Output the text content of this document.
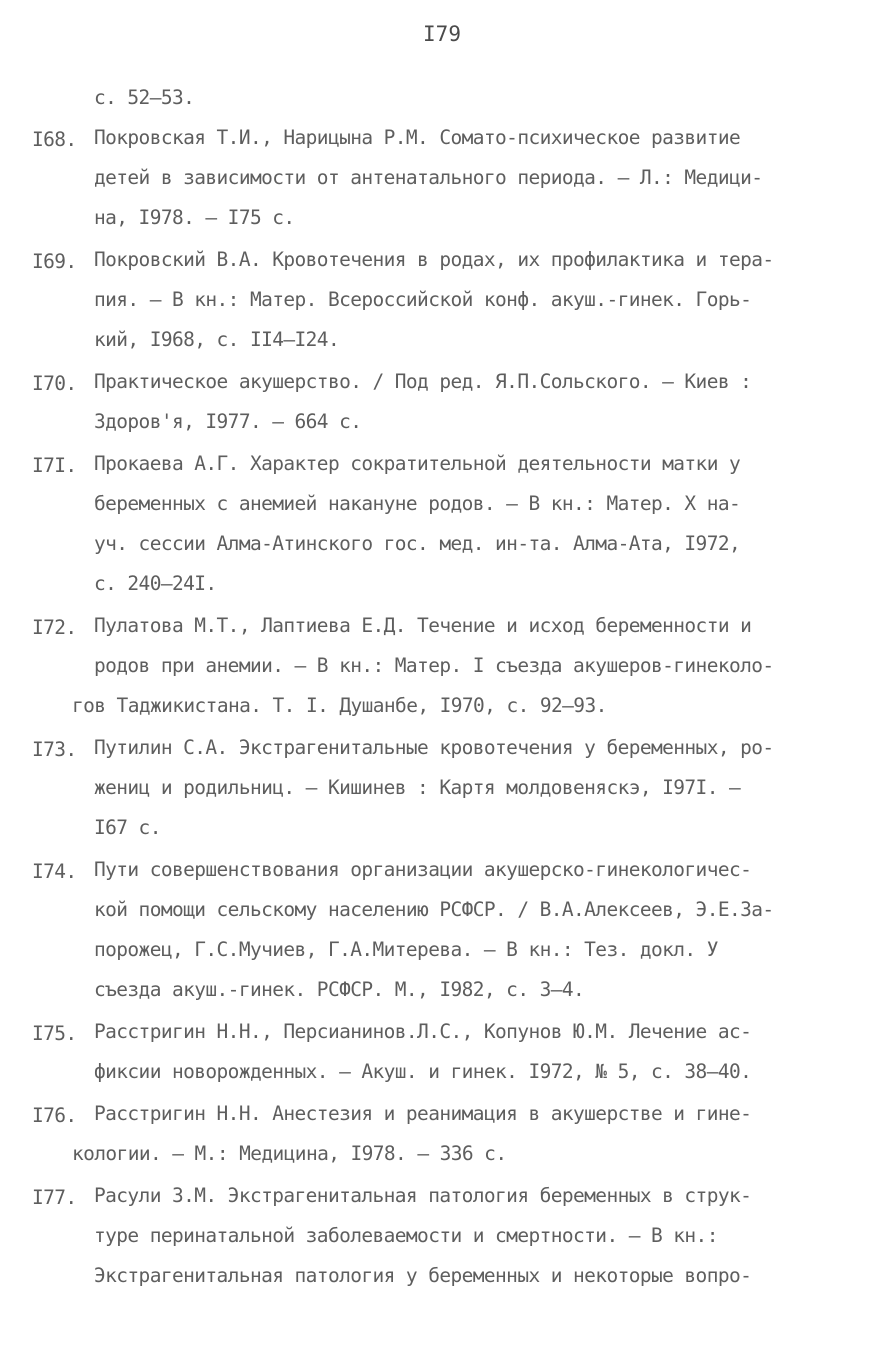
I79
с. 52–53.
I68. Покровская Т.И., Нарицына Р.М. Сомато-психическое развитие
детей в зависимости от антенатального периода. – Л.: Медици-
на, I978. – I75 с.
I69. Покровский В.А. Кровотечения в родах, их профилактика и тера-
пия. – В кн.: Матер. Всероссийской конф. акуш.-гинек. Горь-
кий, I968, с. II4–I24.
I70. Практическое акушерство. / Под ред. Я.П.Сольского. – Киев :
Здоров'я, I977. – 664 с.
I7I. Прокаева А.Г. Характер сократительной деятельности матки у
беременных с анемией накануне родов. – В кн.: Матер. Х на-
уч. сессии Алма-Атинского гос. мед. ин-та. Алма-Ата, I972,
с. 240–24I.
I72. Пулатова М.Т., Лаптиева Е.Д. Течение и исход беременности и
родов при анемии. – В кн.: Матер. I съезда акушеров-гинеколо-
гов Таджикистана. Т. I. Душанбе, I970, с. 92–93.
I73. Путилин С.А. Экстрагенитальные кровотечения у беременных, ро-
жениц и родильниц. – Кишинев : Картя молдовеняскэ, I97I. –
I67 с.
I74. Пути совершенствования организации акушерско-гинекологичес-
кой помощи сельскому населению РСФСР. / В.А.Алексеев, Э.Е.За-
порожец, Г.С.Мучиев, Г.А.Митерева. – В кн.: Тез. докл. У
съезда акуш.-гинек. РСФСР. М., I982, с. 3–4.
I75. Расстригин Н.Н., Персианинов.Л.С., Копунов Ю.М. Лечение ас-
фиксии новорожденных. – Акуш. и гинек. I972, № 5, с. 38–40.
I76. Расстригин Н.Н. Анестезия и реанимация в акушерстве и гине-
кологии. – М.: Медицина, I978. – 336 с.
I77. Расули З.М. Экстрагенитальная патология беременных в струк-
туре перинатальной заболеваемости и смертности. – В кн.:
Экстрагенитальная патология у беременных и некоторые вопро-
